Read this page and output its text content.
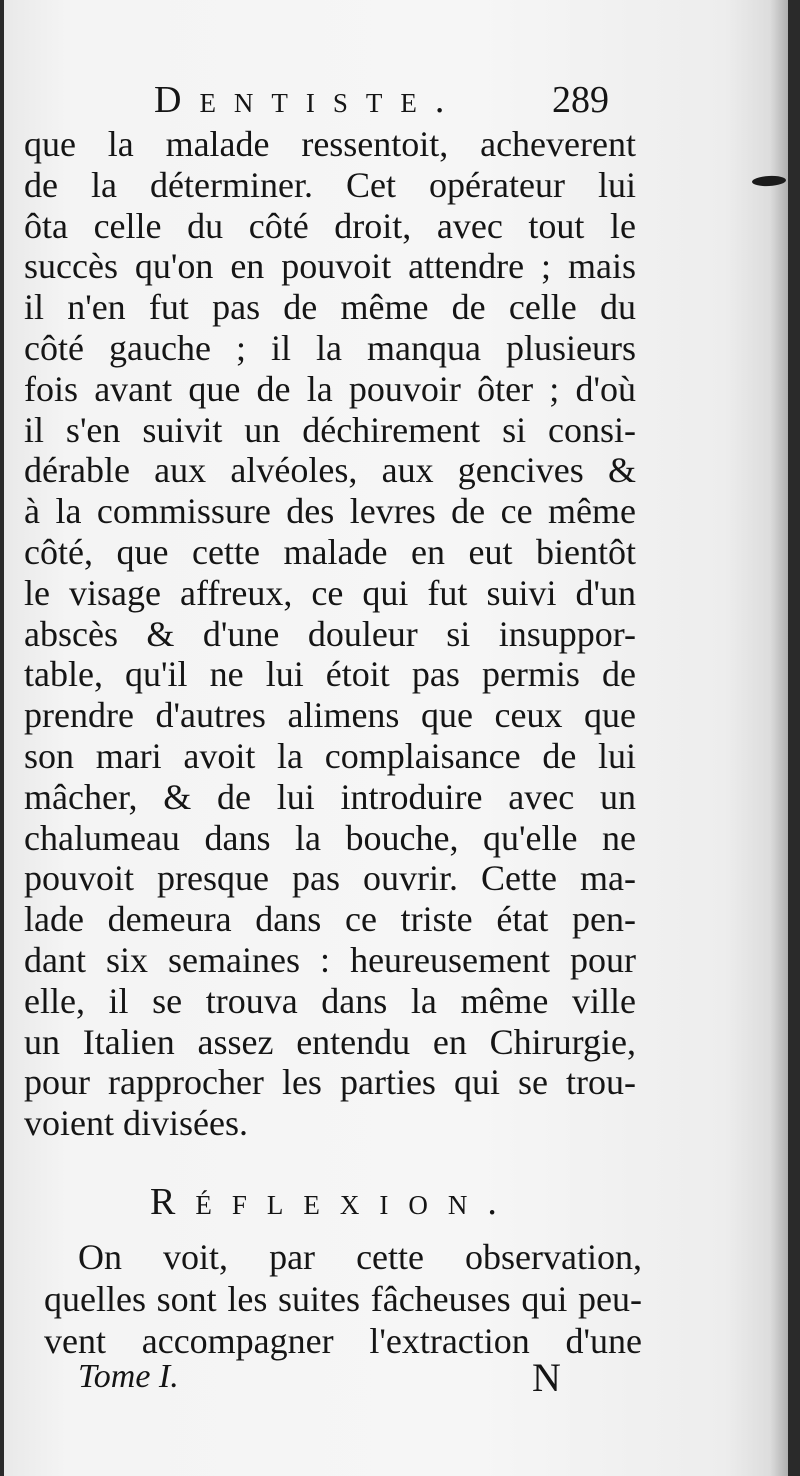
Dentiste. 289
que la malade ressentoit, acheverent
de la déterminer. Cet opérateur lui
ôta celle du côté droit, avec tout le
succès qu'on en pouvoit attendre ; mais
il n'en fut pas de même de celle du
côté gauche ; il la manqua plusieurs
fois avant que de la pouvoir ôter ; d'où
il s'en suivit un déchirement si consi-
dérable aux alvéoles, aux gencives &
à la commissure des levres de ce même
côté, que cette malade en eut bientôt
le visage affreux, ce qui fut suivi d'un
abscès & d'une douleur si insuppor-
table, qu'il ne lui étoit pas permis de
prendre d'autres alimens que ceux que
son mari avoit la complaisance de lui
mâcher, & de lui introduire avec un
chalumeau dans la bouche, qu'elle ne
pouvoit presque pas ouvrir. Cette ma-
lade demeura dans ce triste état pen-
dant six semaines : heureusement pour
elle, il se trouva dans la même ville
un Italien assez entendu en Chirurgie,
pour rapprocher les parties qui se trou-
voient divisées.
Réflexion.
On voit, par cette observation,
quelles sont les suites fâcheuses qui peu-
vent accompagner l'extraction d'une
Tome I.	N
